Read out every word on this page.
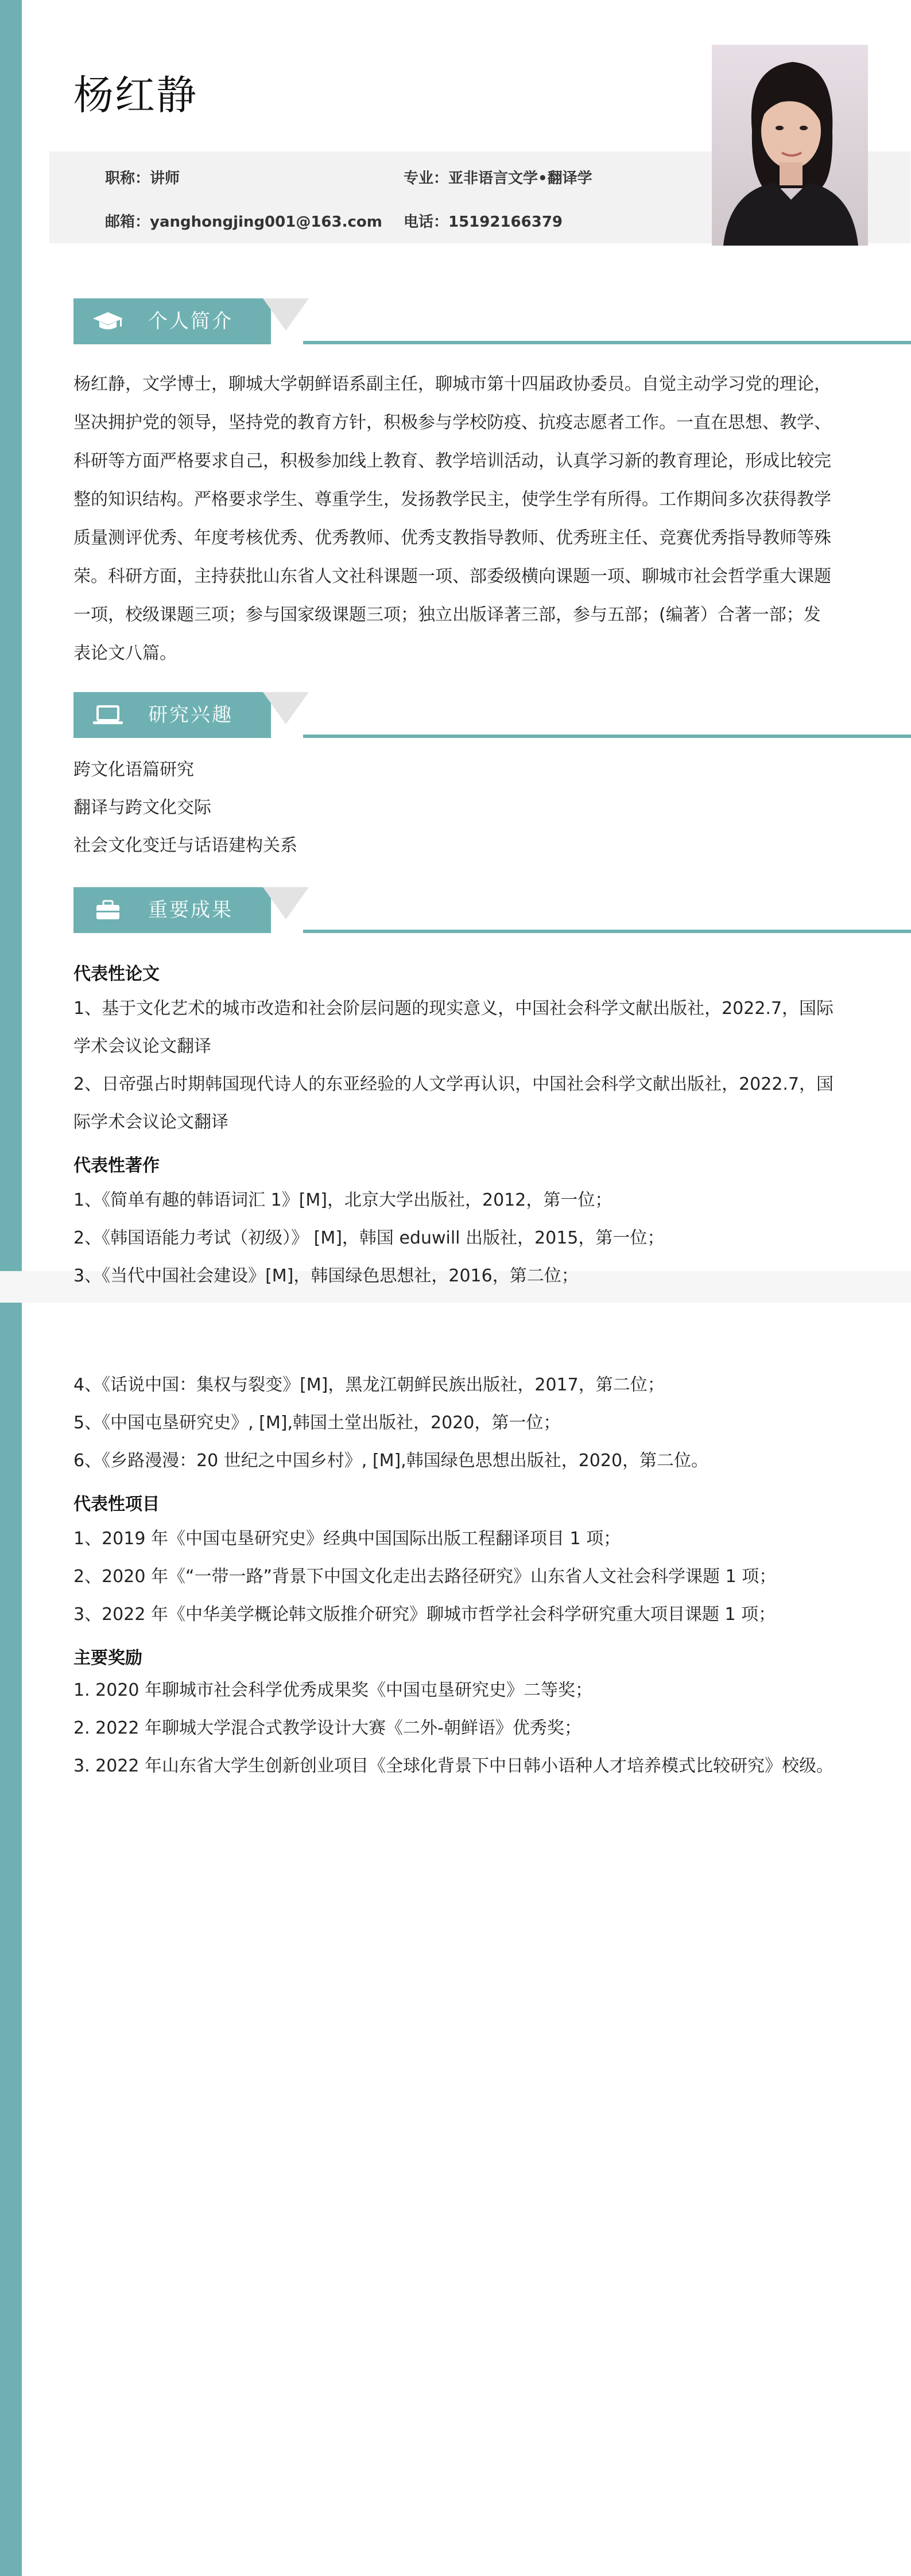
杨红静
职称：讲师	专业：亚非语言文学•翻译学
邮箱：yanghongjing001@163.com 电话：15192166379
个人简介
杨红静，文学博士，聊城大学朝鲜语系副主任，聊城市第十四届政协委员。自觉主动学习党的理论，
坚决拥护党的领导，坚持党的教育方针，积极参与学校防疫、抗疫志愿者工作。一直在思想、教学、
科研等方面严格要求自己，积极参加线上教育、教学培训活动，认真学习新的教育理论，形成比较完
整的知识结构。严格要求学生、尊重学生，发扬教学民主，使学生学有所得。工作期间多次获得教学
质量测评优秀、年度考核优秀、优秀教师、优秀支教指导教师、优秀班主任、竞赛优秀指导教师等殊
荣。科研方面，主持获批山东省人文社科课题一项、部委级横向课题一项、聊城市社会哲学重大课题
一项，校级课题三项；参与国家级课题三项；独立出版译著三部，参与五部；(编著）合著一部；发
表论文八篇。
研究兴趣
跨文化语篇研究
翻译与跨文化交际
社会文化变迁与话语建构关系
重要成果
代表性论文
1、基于文化艺术的城市改造和社会阶层问题的现实意义，中国社会科学文献出版社，2022.7，国际
学术会议论文翻译
2、日帝强占时期韩国现代诗人的东亚经验的人文学再认识，中国社会科学文献出版社，2022.7，国
际学术会议论文翻译
代表性著作
1、《简单有趣的韩语词汇 1》[M]，北京大学出版社，2012，第一位；
2、《韩国语能力考试（初级）》 [M]，韩国 eduwill 出版社，2015，第一位；
3、《当代中国社会建设》[M]，韩国绿色思想社，2016，第二位；
4、《话说中国：集权与裂变》[M]，黑龙江朝鲜民族出版社，2017，第二位；
5、《中国屯垦研究史》, [M],韩国土堂出版社，2020，第一位；
6、《乡路漫漫：20 世纪之中国乡村》, [M],韩国绿色思想出版社，2020，第二位。
代表性项目
1、2019 年《中国屯垦研究史》经典中国国际出版工程翻译项目 1 项；
2、2020 年《“一带一路”背景下中国文化走出去路径研究》山东省人文社会科学课题 1 项；
3、2022 年《中华美学概论韩文版推介研究》聊城市哲学社会科学研究重大项目课题 1 项；
主要奖励
1. 2020 年聊城市社会科学优秀成果奖《中国屯垦研究史》二等奖；
2. 2022 年聊城大学混合式教学设计大赛《二外-朝鲜语》优秀奖；
3. 2022 年山东省大学生创新创业项目《全球化背景下中日韩小语种人才培养模式比较研究》校级。
